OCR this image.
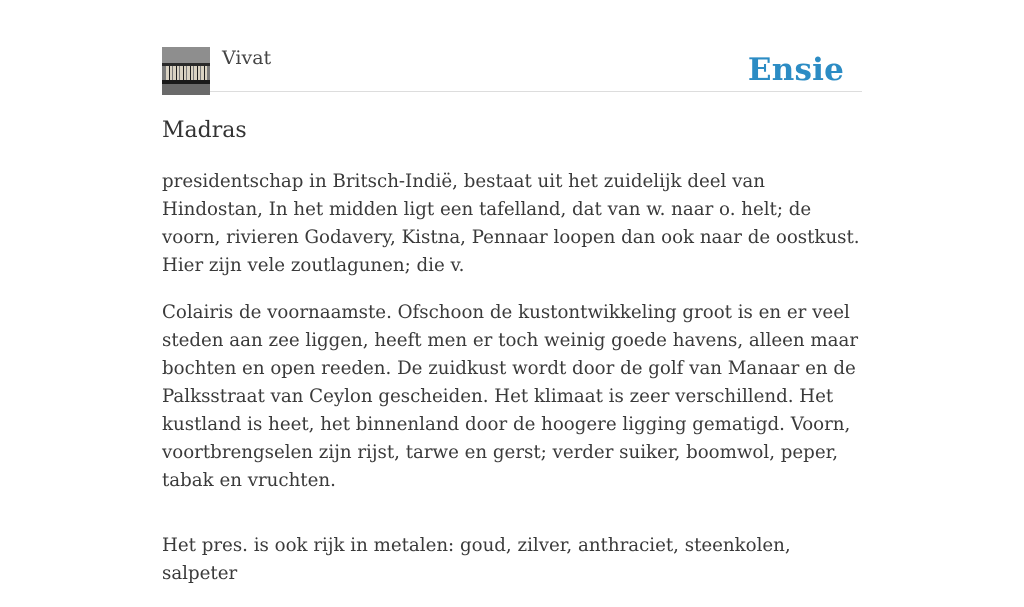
Vivat	Ensie
Madras

presidentschap in Britsch-Indië, bestaat uit het zuidelijk deel van Hindostan, In het midden ligt een tafelland, dat van w. naar o. helt; de voorn, rivieren Godavery, Kistna, Pennaar loopen dan ook naar de oostkust. Hier zijn vele zoutlagunen; die v.

Colairis de voornaamste. Ofschoon de kustontwikkeling groot is en er veel steden aan zee liggen, heeft men er toch weinig goede havens, alleen maar bochten en open reeden. De zuidkust wordt door de golf van Manaar en de Palksstraat van Ceylon gescheiden. Het klimaat is zeer verschillend. Het kustland is heet, het binnenland door de hoogere ligging gematigd. Voorn, voortbrengselen zijn rijst, tarwe en gerst; verder suiker, boomwol, peper, tabak en vruchten.

Het pres. is ook rijk in metalen: goud, zilver, anthraciet, steenkolen, salpeter
